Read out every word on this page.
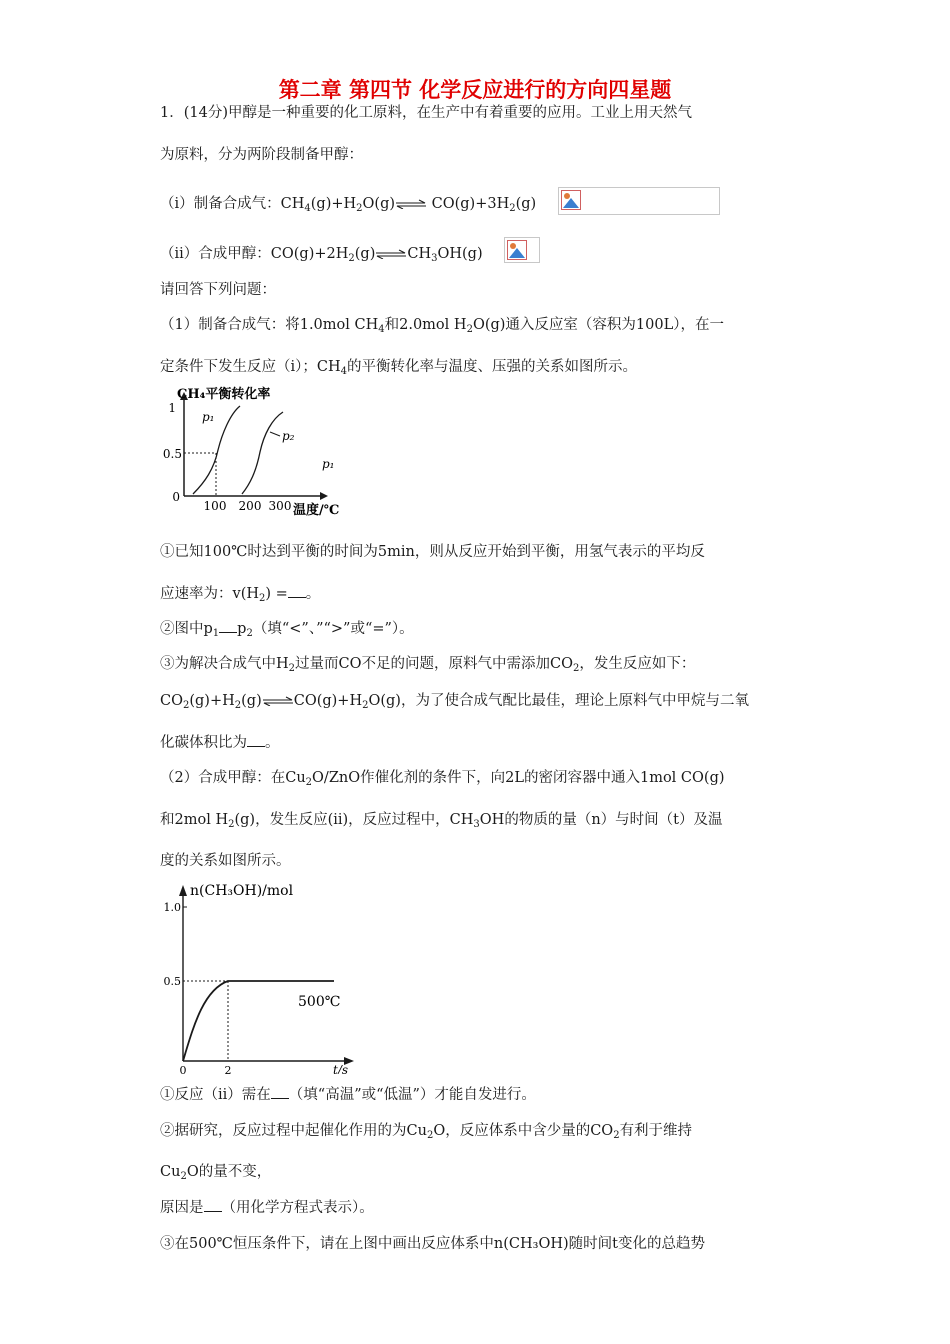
第二章 第四节 化学反应进行的方向四星题
1．(14分)甲醇是一种重要的化工原料，在生产中有着重要的应用。工业上用天然气
为原料，分为两阶段制备甲醇：
（i）制备合成气：$CH_4(g)+H_2O(g)\rightleftharpoons$ $CO(g)+3H_2(g)$
（ii）合成甲醇：$CO(g)+2H_2(g)\rightleftharpoons CH_3OH(g)$
请回答下列问题：
（1）制备合成气：将1.0mol $CH_4$和2.0mol $H_2O(g)$通入反应室（容积为100L），在一
定条件下发生反应（i）；$CH_4$的平衡转化率与温度、压强的关系如图所示。
CH₄平衡转化率
1
0.5
0
100 200 300 温度/℃
p₁
p₂
p₁
①已知100℃时达到平衡的时间为5min，则从反应开始到平衡，用氢气表示的平均反
应速率为：$v(H_2)$ = 。
②图中$p_1$ $p_2$（填“<”、”“>”或“=”）。
③为解决合成气中$H_2$过量而CO不足的问题，原料气中需添加$CO_2$，发生反应如下：
$CO_2(g)+H_2(g)\rightleftharpoons CO(g)+H_2O(g)$，为了使合成气配比最佳，理论上原料气中甲烷与二氧
化碳体积比为 。
（2）合成甲醇：在$Cu_2O$/ZnO作催化剂的条件下，向2L的密闭容器中通入1mol CO(g)
和2mol $H_2(g)$，发生反应(ii)，反应过程中，$CH_3OH$的物质的量（n）与时间（t）及温
度的关系如图所示。
n(CH₃OH)/mol
1.0
0.5
0	2	t/s
500℃
①反应（ii）需在 （填“高温”或“低温”）才能自发进行。
②据研究，反应过程中起催化作用的为$Cu_2O$，反应体系中含少量的$CO_2$有利于维持
$Cu_2O$的量不变，
原因是 （用化学方程式表示）。
③在500℃恒压条件下，请在上图中画出反应体系中n(CH₃OH)随时间t变化的总趋势
